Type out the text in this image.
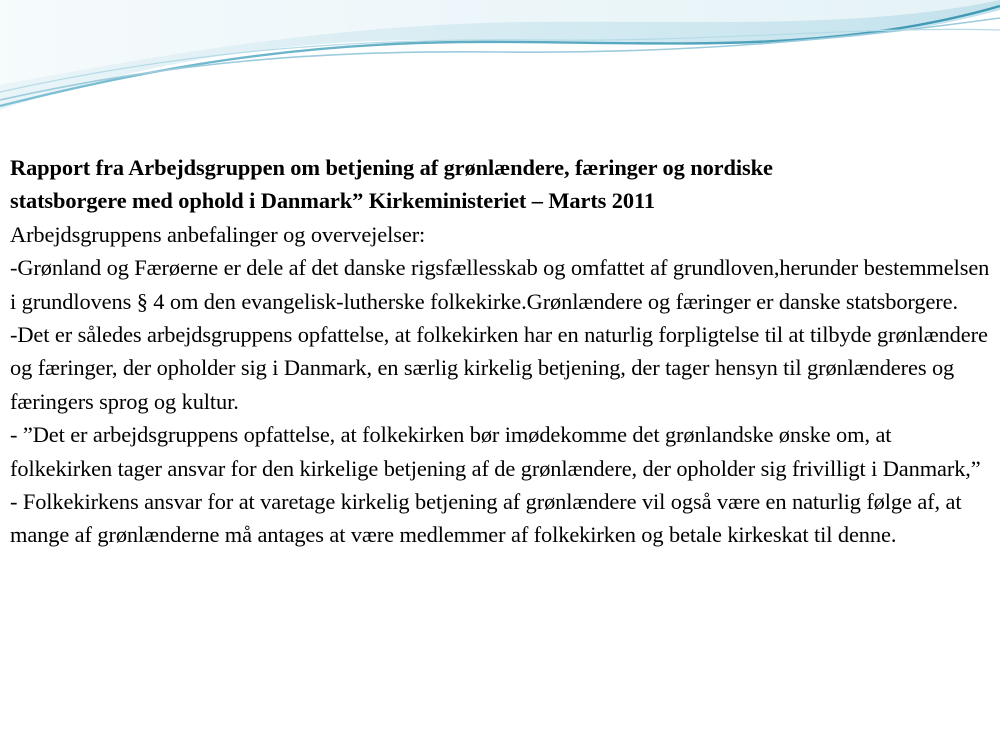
Rapport fra Arbejdsgruppen om betjening af grønlændere, færinger og nordiske

statsborgere med ophold i Danmark” Kirkeministeriet – Marts 2011

Arbejdsgruppens anbefalinger og overvejelser:

-Grønland og Færøerne er dele af det danske rigsfællesskab og omfattet af grundloven,herunder bestemmelsen i grundlovens § 4 om den evangelisk-lutherske folkekirke.Grønlændere og færinger er danske statsborgere.

-Det er således arbejdsgruppens opfattelse, at folkekirken har en naturlig forpligtelse til at tilbyde grønlændere og færinger, der opholder sig i Danmark, en særlig kirkelig betjening, der tager hensyn til grønlænderes og færingers sprog og kultur.

- ”Det er arbejdsgruppens opfattelse, at folkekirken bør imødekomme det grønlandske ønske om, at folkekirken tager ansvar for den kirkelige betjening af de grønlændere, der opholder sig frivilligt i Danmark,”

- Folkekirkens ansvar for at varetage kirkelig betjening af grønlændere vil også være en naturlig følge af, at mange af grønlænderne må antages at være medlemmer af folkekirken og betale kirkeskat til denne.
